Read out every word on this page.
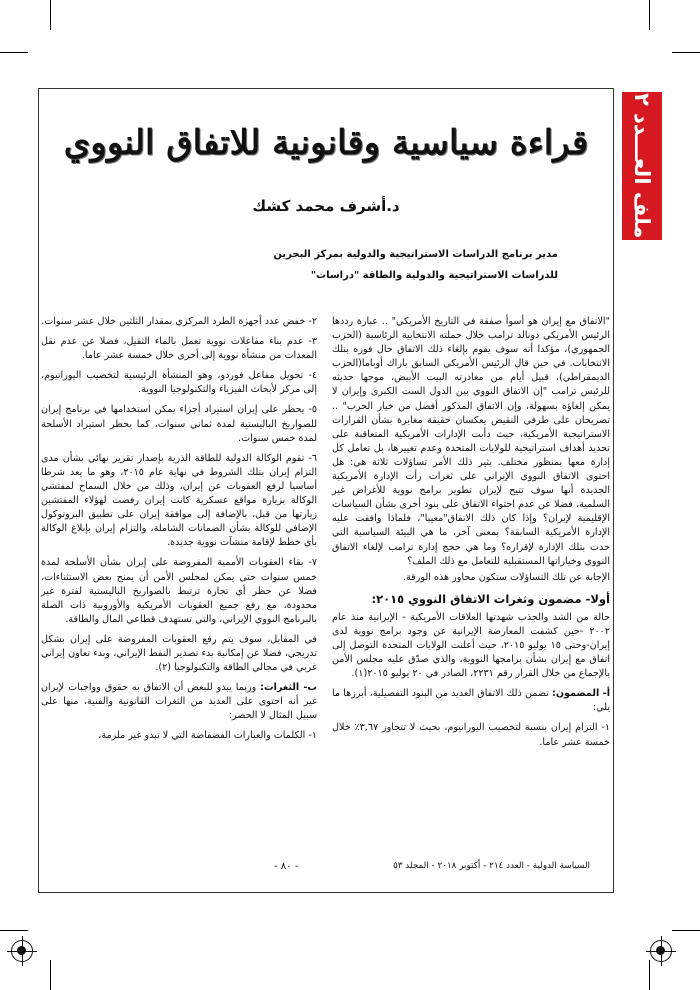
ملف العـــدد ٢
قراءة سياسية وقانونية للاتفاق النووي
د.أشرف محمد كشك

مدير برنامج الدراسات الاستراتيجية والدولية بمركز البحرين

للدراسات الاستراتيجية والدولية والطاقة "دراسات"

"الاتفاق مع إيران هو أسوأ صفقة في التاريخ الأمريكي" .. عبارة رددها الرئيس الأمريكي دونالد ترامب خلال حملته الانتخابية الرئاسية (الحزب الجمهوري)، مؤكدا أنه سوف يقوم بإلغاء ذلك الاتفاق حال فوزه بتلك الانتخابات. في حين قال الرئيس الأمريكي السابق باراك أوباما(الحزب الديمقراطي)، قبيل أيام من مغادرته البيت الأبيض، موجها حديثه للرئيس ترامب "إن الاتفاق النووي بين الدول الست الكبرى وإيران لا يمكن إلغاؤه بسهولة، وإن الاتفاق المذكور أفضل من خيار الحرب" .. تصريحان على طرفي النقيض يعكسان حقيقة مغايرة بشأن القرارات الاستراتيجية الأمريكية، حيث دأبت الإدارات الأمريكية المتعاقبة على تحديد أهداف استراتيجية للولايات المتحدة وعدم تغييرها، بل تعامل كل إدارة معها بمنظور مختلف. يثير ذلك الأمر تساؤلات ثلاثة هي: هل احتوى الاتفاق النووي الإيراني على ثغرات رأت الإدارة الأمريكية الجديدة أنها سوف تتيح لإيران تطوير برامج نووية للأغراض غير السلمية، فضلا عن عدم احتواء الاتفاق على بنود أخرى بشأن السياسات الإقليمية لإيران؟ وإذا كان ذلك الاتفاق"معيبا"، فلماذا وافقت عليه الإدارة الأمريكية السابقة؟ بمعنى آخر، ما هي البيئة السياسية التي حدت بتلك الإدارة لإقراره؟ وما هي حجج إدارة ترامب لإلغاء الاتفاق النووي وخياراتها المستقبلية للتعامل مع ذلك الملف؟

الإجابة عن تلك التساؤلات ستكون محاور هذه الورقة.

أولا- مضمون وثغرات الاتفاق النووي ٢٠١٥:

حالة من الشد والجذب شهدتها العلاقات الأمريكية - الإيرانية منذ عام ٢٠٠٢ -حين كشفت المعارضة الإيرانية عن وجود برامج نووية لدى إيران-وحتى ١٥ يوليو ٢٠١٥، حيث أعلنت الولايات المتحدة التوصل إلى اتفاق مع إيران بشأن برامجها النووية، والذي صدّق عليه مجلس الأمن بالإجماع من خلال القرار رقم ٢٢٣١، الصادر في ٢٠ يوليو ٢٠١٥(١).

أ- المضمون: تضمن ذلك الاتفاق العديد من البنود التفصيلية، أبرزها ما يلي:

١- التزام إيران بنسبة لتخصيب اليورانيوم، بحيث لا تتجاوز ٣,٦٧٪ خلال خمسة عشر عاما.

٢- خفض عدد أجهزة الطرد المركزي بمقدار الثلثين خلال عشر سنوات.

٣- عدم بناء مفاعلات نووية تعمل بالماء الثقيل، فضلا عن عدم نقل المعدات من منشأة نووية إلى أخرى خلال خمسة عشر عاما.

٤- تحويل مفاعل فوردو، وهو المنشأة الرئيسية لتخصيب اليورانيوم، إلى مركز لأبحاث الفيزياء والتكنولوجيا النووية.

٥- يحظر على إيران استيراد أجزاء يمكن استخدامها في برنامج إيران للصواريخ الباليستية لمدة ثماني سنوات، كما يحظر استيراد الأسلحة لمدة خمس سنوات.

٦- تقوم الوكالة الدولية للطاقة الذرية بإصدار تقرير نهائي بشأن مدى التزام إيران بتلك الشروط في نهاية عام ٢٠١٥، وهو ما يعد شرطا أساسيا لرفع العقوبات عن إيران، وذلك من خلال السماح لمفتشي الوكالة بزيارة مواقع عسكرية كانت إيران رفضت لهؤلاء المفتشين زيارتها من قبل، بالإضافة إلى موافقة إيران على تطبيق البروتوكول الإضافي للوكالة بشأن الضمانات الشاملة، والتزام إيران بإبلاغ الوكالة بأي خطط لإقامة منشآت نووية جديدة.

٧- بقاء العقوبات الأممية المفروضة على إيران بشأن الأسلحة لمدة خمس سنوات حتى يمكن لمجلس الأمن أن يمنح بعض الاستثناءات، فضلا عن حظر أي تجارة ترتبط بالصواريخ الباليستية لفترة غير محدودة، مع رفع جميع العقوبات الأمريكية والأوروبية ذات الصلة بالبرنامج النووي الإيراني، والتي تستهدف قطاعي المال والطاقة.

في المقابل، سوف يتم رفع العقوبات المفروضة على إيران بشكل تدريجي، فضلا عن إمكانية بدء تصدير النفط الإيراني، وبدء تعاون إيراني غربي في مجالي الطاقة والتكنولوجيا (٢).

ب- الثغرات: وربما يبدو للبعض أن الاتفاق به حقوق وواجبات لإيران غير أنه احتوى على العديد من الثغرات القانونية والفنية، منها على سبيل المثال لا الحصر:

١- الكلمات والعبارات الفضفاضة التي لا تبدو غير ملزمة،

السياسة الدولية - العدد ٢١٤ - أكتوبر ٢٠١٨ - المجلد ٥٣
- ٨٠ -
